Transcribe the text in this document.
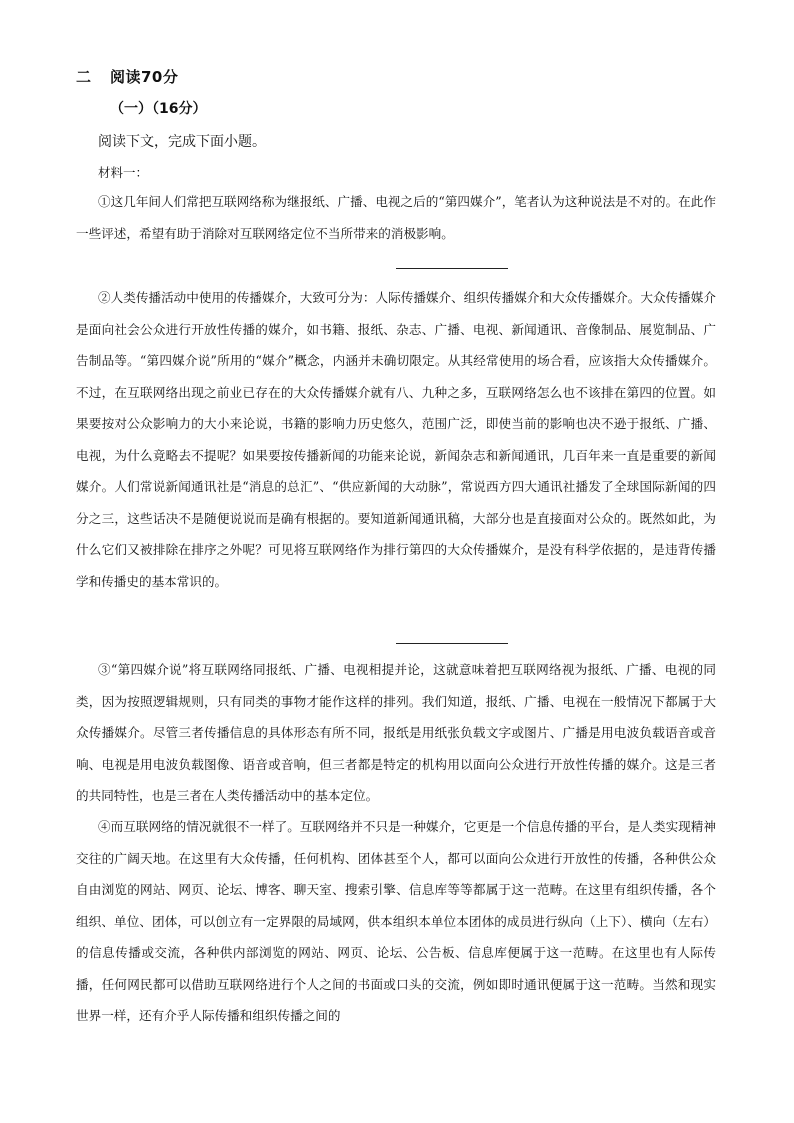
二 阅读70分
（一）（16分）
阅读下文，完成下面小题。
材料一：

①这几年间人们常把互联网络称为继报纸、广播、电视之后的“第四媒介”，笔者认为这种说法是不对的。在此作一些评述，希望有助于消除对互联网络定位不当所带来的消极影响。

②人类传播活动中使用的传播媒介，大致可分为：人际传播媒介、组织传播媒介和大众传播媒介。大众传播媒介是面向社会公众进行开放性传播的媒介，如书籍、报纸、杂志、广播、电视、新闻通讯、音像制品、展览制品、广告制品等。“第四媒介说”所用的“媒介”概念，内涵并未确切限定。从其经常使用的场合看，应该指大众传播媒介。不过，在互联网络出现之前业已存在的大众传播媒介就有八、九种之多，互联网络怎么也不该排在第四的位置。如果要按对公众影响力的大小来论说，书籍的影响力历史悠久，范围广泛，即使当前的影响也决不逊于报纸、广播、电视，为什么竟略去不提呢？如果要按传播新闻的功能来论说，新闻杂志和新闻通讯，几百年来一直是重要的新闻媒介。人们常说新闻通讯社是“消息的总汇”、“供应新闻的大动脉”，常说西方四大通讯社播发了全球国际新闻的四分之三，这些话决不是随便说说而是确有根据的。要知道新闻通讯稿，大部分也是直接面对公众的。既然如此，为什么它们又被排除在排序之外呢？可见将互联网络作为排行第四的大众传播媒介，是没有科学依据的，是违背传播学和传播史的基本常识的。

③“第四媒介说”将互联网络同报纸、广播、电视相提并论，这就意味着把互联网络视为报纸、广播、电视的同类，因为按照逻辑规则，只有同类的事物才能作这样的排列。我们知道，报纸、广播、电视在一般情况下都属于大众传播媒介。尽管三者传播信息的具体形态有所不同，报纸是用纸张负载文字或图片、广播是用电波负载语音或音响、电视是用电波负载图像、语音或音响，但三者都是特定的机构用以面向公众进行开放性传播的媒介。这是三者的共同特性，也是三者在人类传播活动中的基本定位。

④而互联网络的情况就很不一样了。互联网络并不只是一种媒介，它更是一个信息传播的平台，是人类实现精神交往的广阔天地。在这里有大众传播，任何机构、团体甚至个人，都可以面向公众进行开放性的传播，各种供公众自由浏览的网站、网页、论坛、博客、聊天室、搜索引擎、信息库等等都属于这一范畴。在这里有组织传播，各个组织、单位、团体，可以创立有一定界限的局域网，供本组织本单位本团体的成员进行纵向（上下）、横向（左右）的信息传播或交流，各种供内部浏览的网站、网页、论坛、公告板、信息库便属于这一范畴。在这里也有人际传播，任何网民都可以借助互联网络进行个人之间的书面或口头的交流，例如即时通讯便属于这一范畴。当然和现实世界一样，还有介乎人际传播和组织传播之间的
